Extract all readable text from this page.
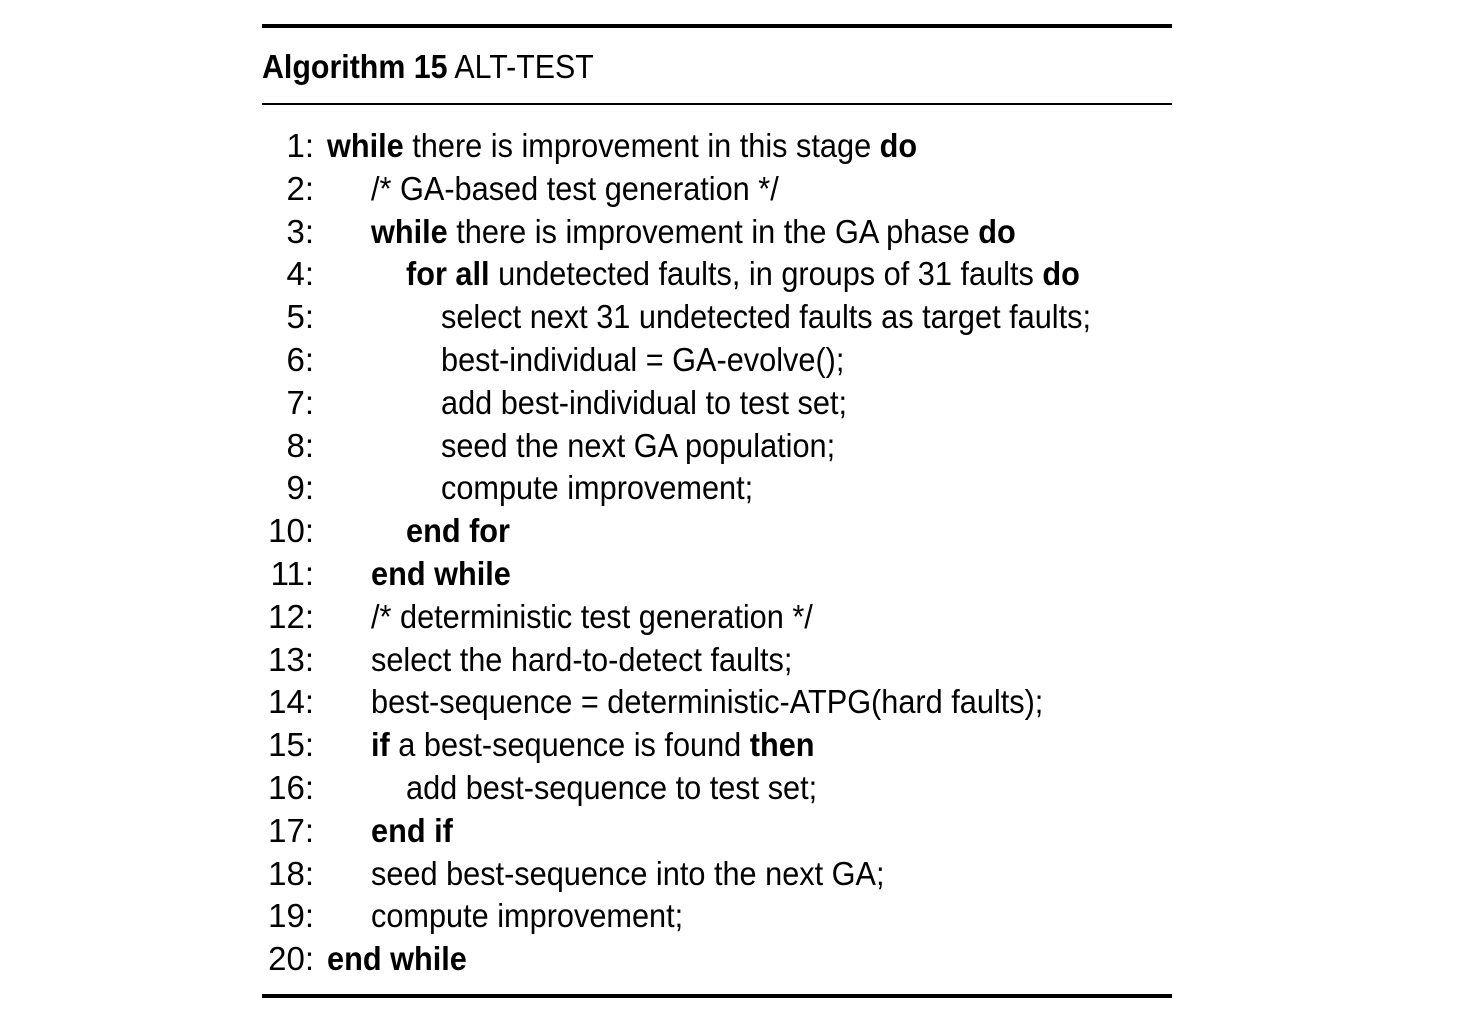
Algorithm 15 ALT-TEST
1: while there is improvement in this stage do
2: /* GA-based test generation */
3: while there is improvement in the GA phase do
4:	for all undetected faults, in groups of 31 faults do
5:	select next 31 undetected faults as target faults;
6:	best-individual = GA-evolve();
7:	add best-individual to test set;
8:	seed the next GA population;
9:	compute improvement;
10:	end for
11: end while
12: /* deterministic test generation */
13: select the hard-to-detect faults;
14: best-sequence = deterministic-ATPG(hard faults);
15: if a best-sequence is found then
16:	add best-sequence to test set;
17: end if
18: seed best-sequence into the next GA;
19: compute improvement;
20: end while
